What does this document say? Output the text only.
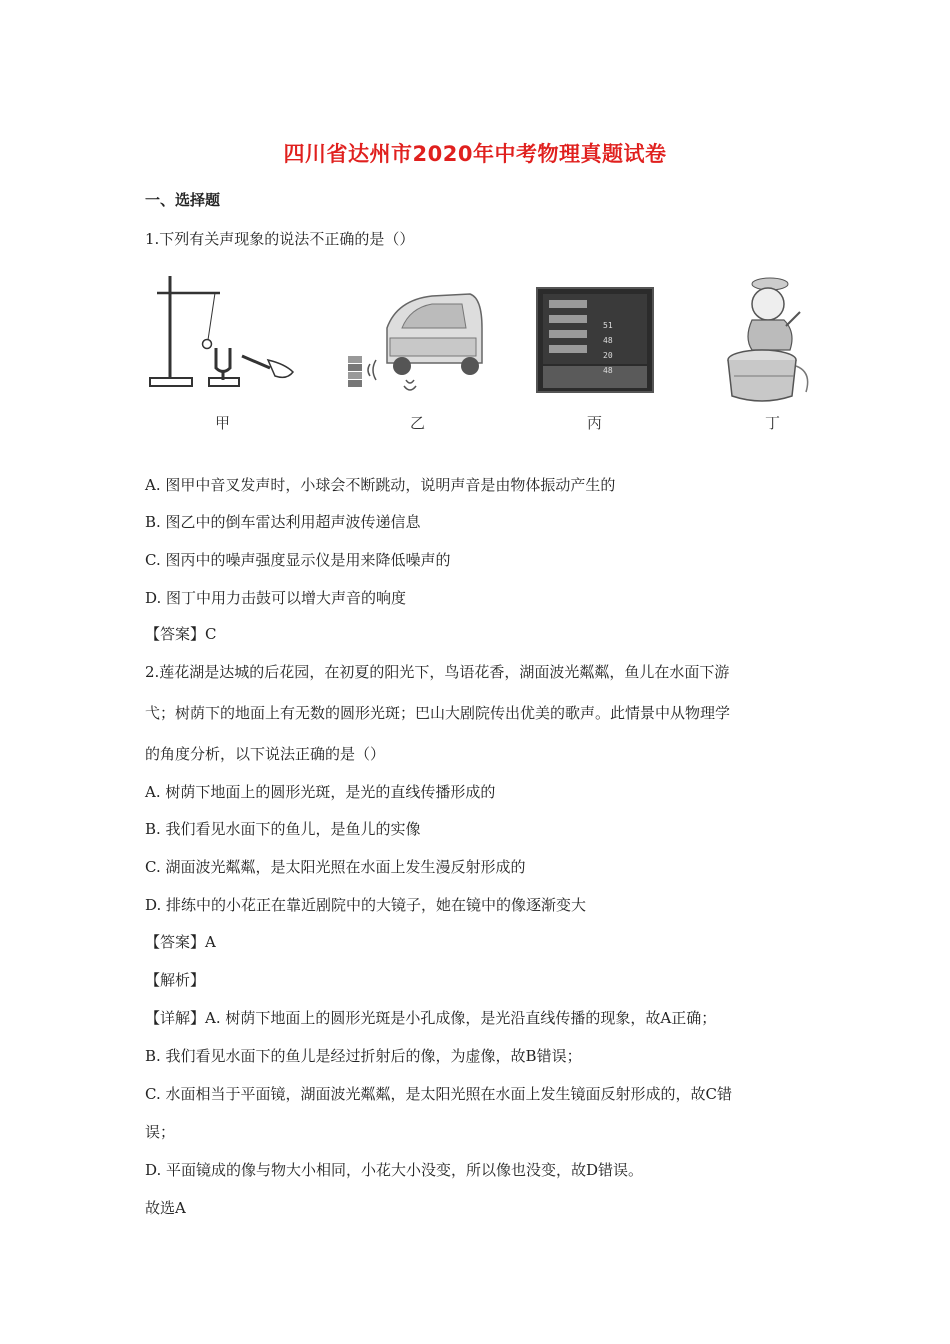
四川省达州市2020年中考物理真题试卷
一、选择题
1.下列有关声现象的说法不正确的是（）
甲	乙
51
48
20
48
丙	丁
A. 图甲中音叉发声时，小球会不断跳动，说明声音是由物体振动产生的
B. 图乙中的倒车雷达利用超声波传递信息
C. 图丙中的噪声强度显示仪是用来降低噪声的
D. 图丁中用力击鼓可以增大声音的响度
【答案】C
2.莲花湖是达城的后花园，在初夏的阳光下，鸟语花香，湖面波光粼粼，鱼儿在水面下游
弋；树荫下的地面上有无数的圆形光斑；巴山大剧院传出优美的歌声。此情景中从物理学
的角度分析，以下说法正确的是（）
A. 树荫下地面上的圆形光斑，是光的直线传播形成的
B. 我们看见水面下的鱼儿，是鱼儿的实像
C. 湖面波光粼粼，是太阳光照在水面上发生漫反射形成的
D. 排练中的小花正在靠近剧院中的大镜子，她在镜中的像逐渐变大
【答案】A
【解析】
【详解】A. 树荫下地面上的圆形光斑是小孔成像，是光沿直线传播的现象，故A正确；
B. 我们看见水面下的鱼儿是经过折射后的像，为虚像，故B错误；
C. 水面相当于平面镜，湖面波光粼粼，是太阳光照在水面上发生镜面反射形成的，故C错
误；
D. 平面镜成的像与物大小相同，小花大小没变，所以像也没变，故D错误。
故选A
